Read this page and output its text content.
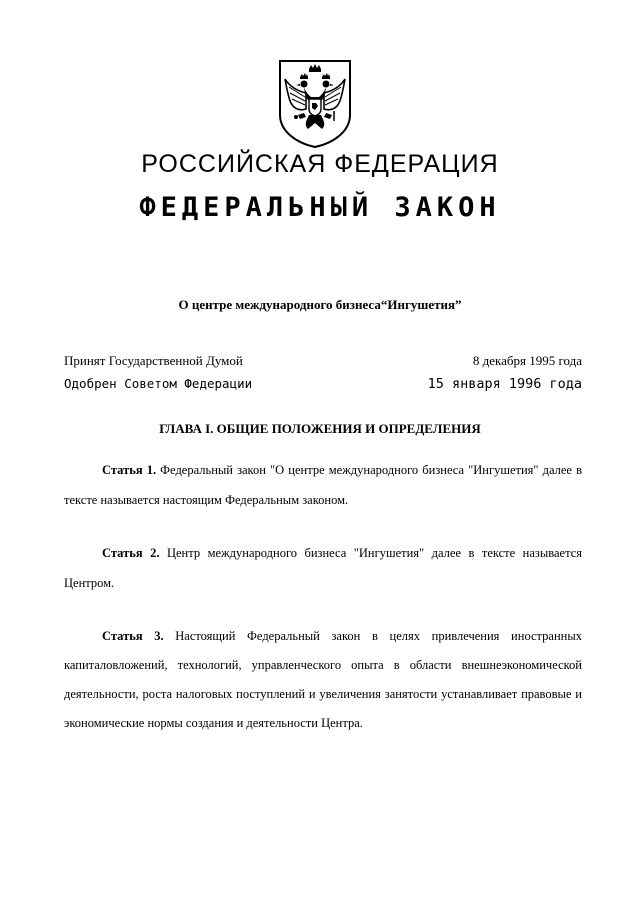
РОССИЙСКАЯ ФЕДЕРАЦИЯ
ФЕДЕРАЛЬНЫЙ ЗАКОН
О центре международного бизнеса“Ингушетия”
Принят Государственной Думой	8 декабря 1995 года
Одобрен Советом Федерации	15 января 1996 года
ГЛАВА I. ОБЩИЕ ПОЛОЖЕНИЯ И ОПРЕДЕЛЕНИЯ

Статья 1. Федеральный закон "О центре международного бизнеса "Ингушетия" далее в тексте называется настоящим Федеральным законом.

Статья 2. Центр международного бизнеса "Ингушетия" далее в тексте называется Центром.

Статья 3. Настоящий Федеральный закон в целях привлечения иностранных капиталовложений, технологий, управленческого опыта в области внешнеэкономической деятельности, роста налоговых поступлений и увеличения занятости устанавливает правовые и экономические нормы создания и деятельности Центра.
